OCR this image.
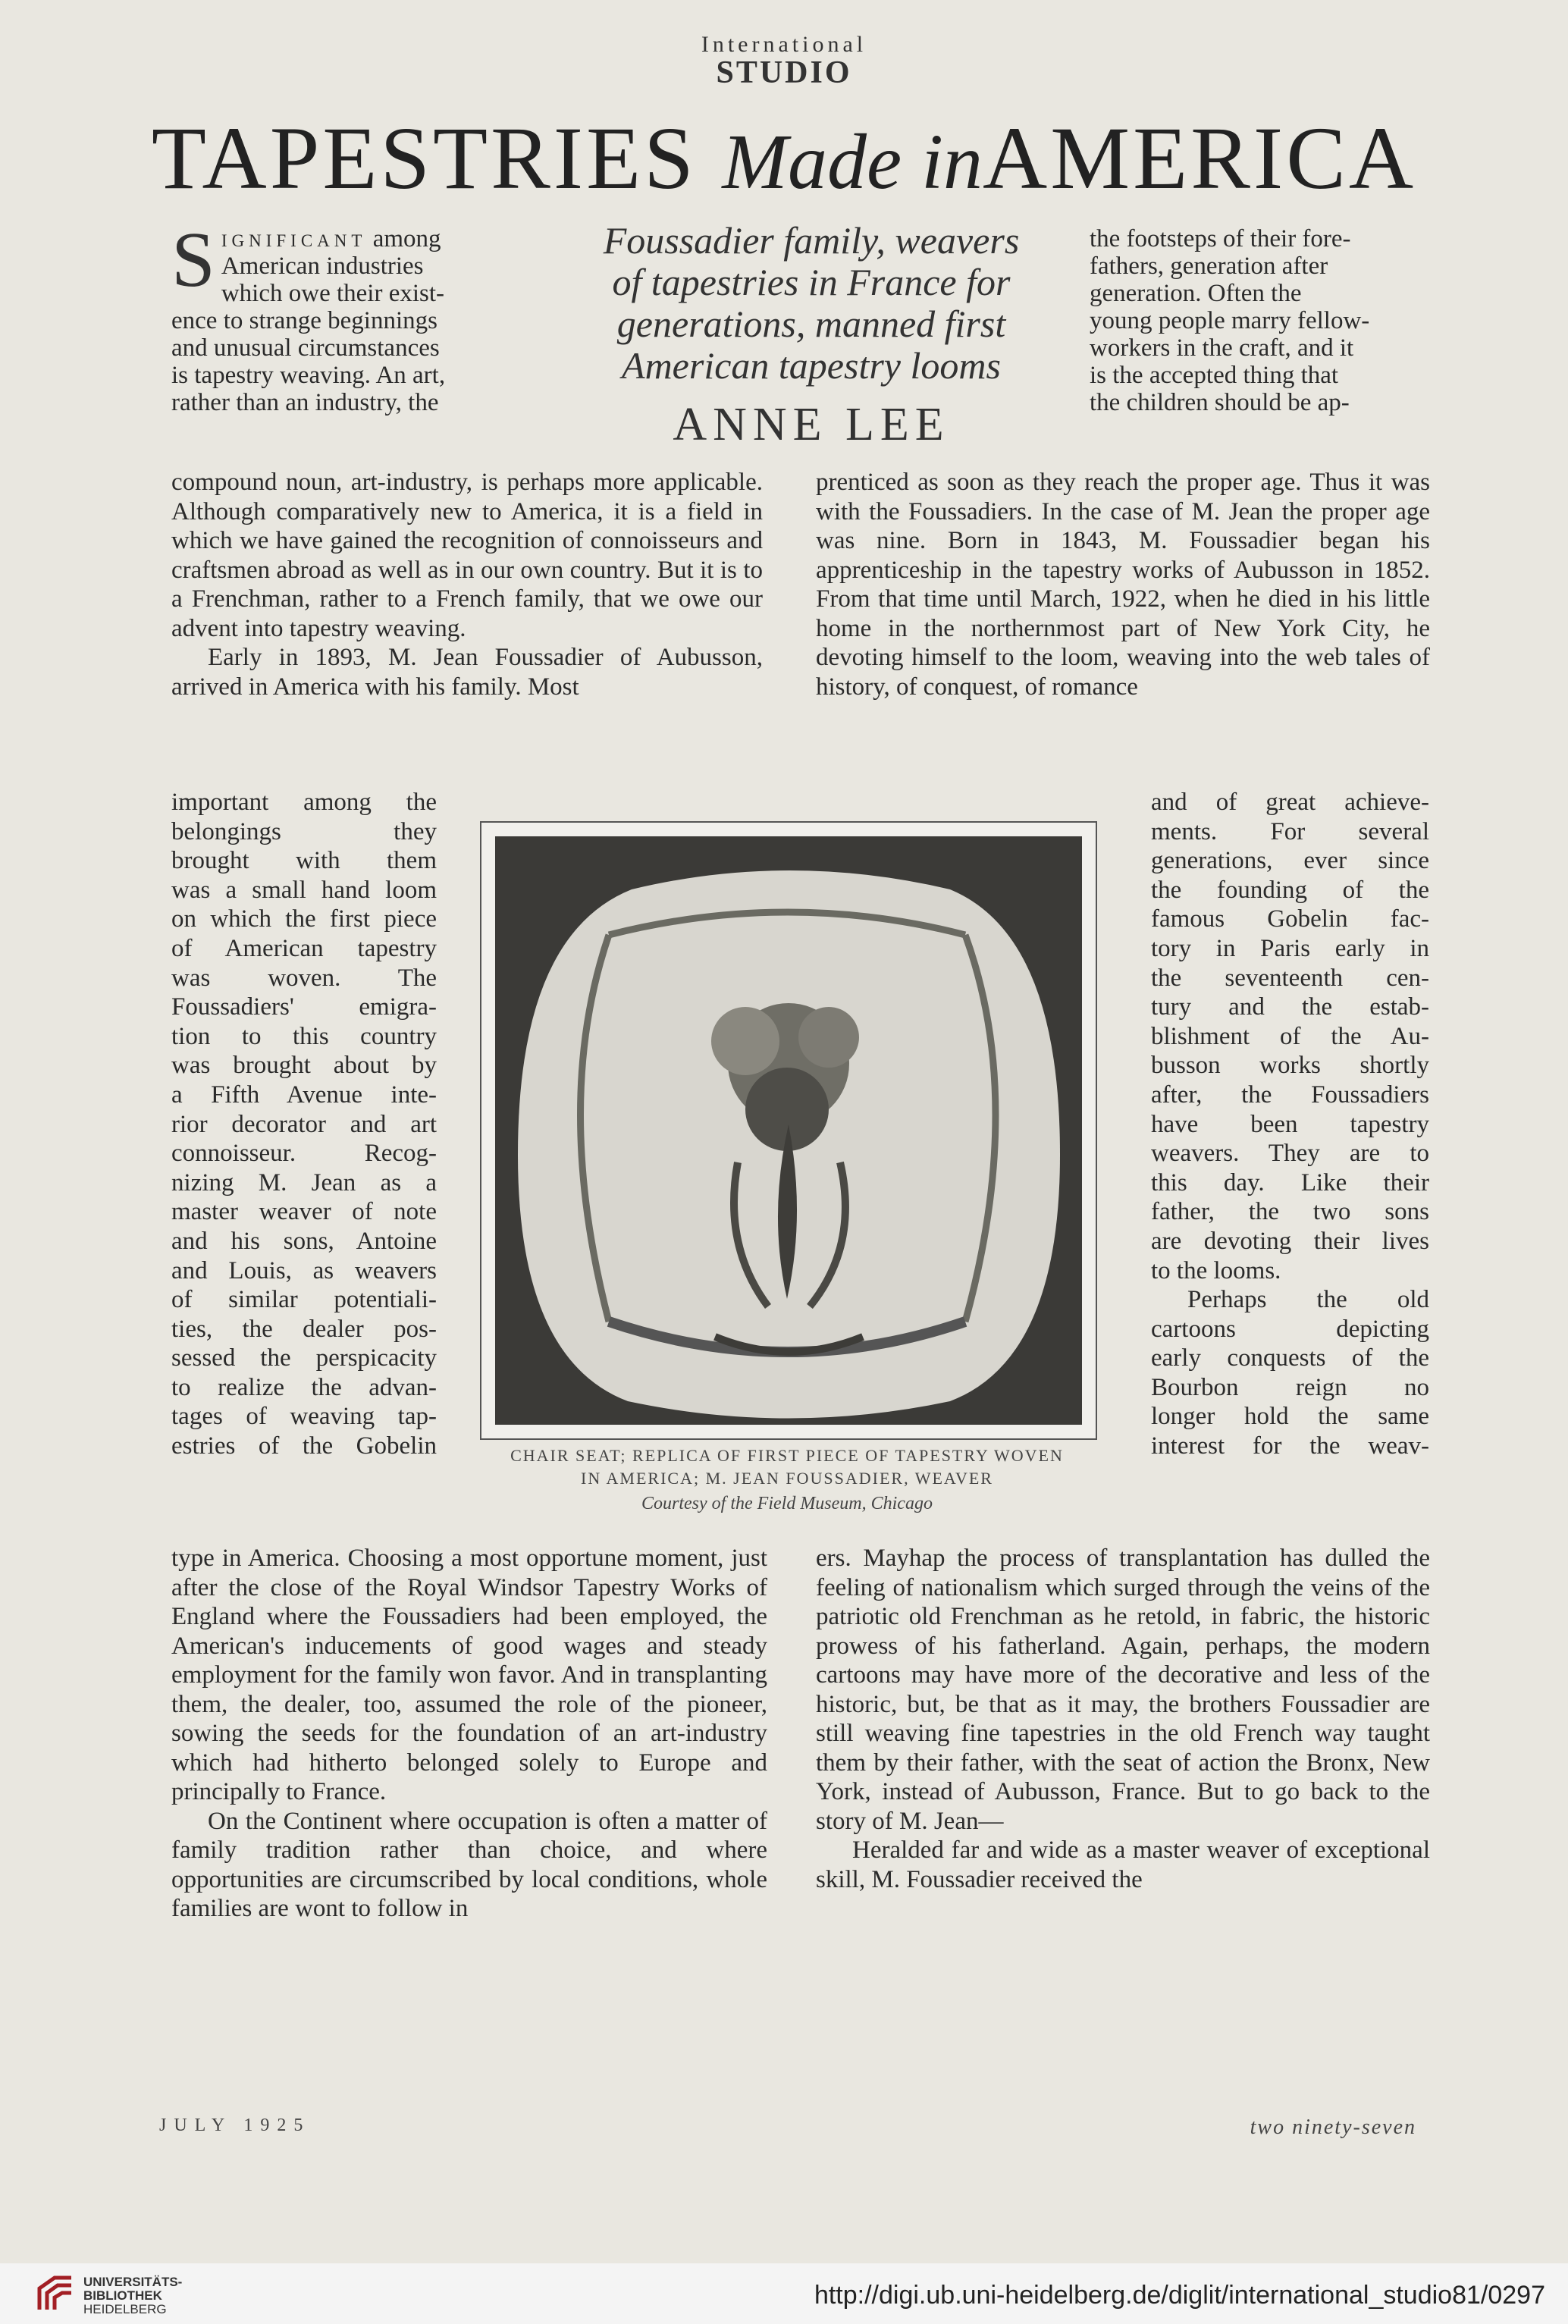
International
STUDIO
TAPESTRIES Made inAMERICA
Foussadier family, weavers
of tapestries in France for
generations, manned first
American tapestry looms
ANNE LEE
S ignificant among
American industries
which owe their exist-
ence to strange beginnings
and unusual circumstances
is tapestry weaving. An art,
rather than an industry, the
the footsteps of their fore-
fathers, generation after
generation. Often the
young people marry fellow-
workers in the craft, and it
is the accepted thing that
the children should be ap-

compound noun, art-industry, is perhaps more applicable. Although comparatively new to America, it is a field in which we have gained the recognition of connoisseurs and craftsmen abroad as well as in our own country. But it is to a Frenchman, rather to a French family, that we owe our advent into tapestry weaving.

Early in 1893, M. Jean Foussadier of Aubusson, arrived in America with his family. Most

prenticed as soon as they reach the proper age. Thus it was with the Foussadiers. In the case of M. Jean the proper age was nine. Born in 1843, M. Foussadier began his apprenticeship in the tapestry works of Aubusson in 1852. From that time until March, 1922, when he died in his little home in the northernmost part of New York City, he devoting himself to the loom, weaving into the web tales of history, of conquest, of romance

important among the
belongings they
brought with them
was a small hand loom
on which the first piece
of American tapestry
was woven. The
Foussadiers' emigra-
tion to this country
was brought about by
a Fifth Avenue inte-
rior decorator and art
connoisseur. Recog-
nizing M. Jean as a
master weaver of note
and his sons, Antoine
and Louis, as weavers
of similar potentiali-
ties, the dealer pos-
sessed the perspicacity
to realize the advan-
tages of weaving tap-
estries of the Gobelin
and of great achieve-
ments. For several
generations, ever since
the founding of the
famous Gobelin fac-
tory in Paris early in
the seventeenth cen-
tury and the estab-
blishment of the Au-
busson works shortly
after, the Foussadiers
have been tapestry
weavers. They are to
this day. Like their
father, the two sons
are devoting their lives
to the looms.
Perhaps the old
cartoons depicting
early conquests of the
Bourbon reign no
longer hold the same
interest for the weav-
CHAIR SEAT; REPLICA OF FIRST PIECE OF TAPESTRY WOVEN
IN AMERICA; M. JEAN FOUSSADIER, WEAVER
Courtesy of the Field Museum, Chicago

type in America. Choosing a most opportune moment, just after the close of the Royal Windsor Tapestry Works of England where the Foussadiers had been employed, the American's inducements of good wages and steady employment for the family won favor. And in transplanting them, the dealer, too, assumed the role of the pioneer, sowing the seeds for the foundation of an art-industry which had hitherto belonged solely to Europe and principally to France.

On the Continent where occupation is often a matter of family tradition rather than choice, and where opportunities are circumscribed by local conditions, whole families are wont to follow in

ers. Mayhap the process of transplantation has dulled the feeling of nationalism which surged through the veins of the patriotic old Frenchman as he retold, in fabric, the historic prowess of his fatherland. Again, perhaps, the modern cartoons may have more of the decorative and less of the historic, but, be that as it may, the brothers Foussadier are still weaving fine tapestries in the old French way taught them by their father, with the seat of action the Bronx, New York, instead of Aubusson, France. But to go back to the story of M. Jean—

Heralded far and wide as a master weaver of exceptional skill, M. Foussadier received the

JULY 1925	two ninety-seven
UNIVERSITÄTS-
BIBLIOTHEK
HEIDELBERG	http://digi.ub.uni-heidelberg.de/diglit/international_studio81/0297
